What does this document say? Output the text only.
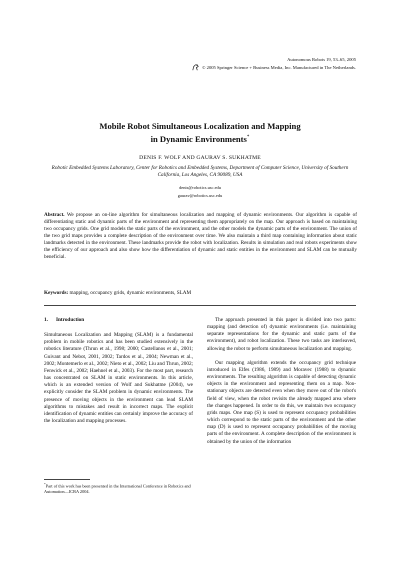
Autonomous Robots 19, 53–65, 2005
© 2005 Springer Science + Business Media, Inc. Manufactured in The Netherlands.
Mobile Robot Simultaneous Localization and Mapping
in Dynamic Environments*
DENIS F. WOLF AND GAURAV S. SUKHATME
Robotic Embedded Systems Laboratory, Center for Robotics and Embedded Systems, Department of Computer Science, University of Southern California, Los Angeles, CA 90089, USA
denis@robotics.usc.edu
gaurav@robotics.usc.edu
Abstract. We propose an on-line algorithm for simultaneous localization and mapping of dynamic environments. Our algorithm is capable of differentiating static and dynamic parts of the environment and representing them appropriately on the map. Our approach is based on maintaining two occupancy grids. One grid models the static parts of the environment, and the other models the dynamic parts of the environment. The union of the two grid maps provides a complete description of the environment over time. We also maintain a third map containing information about static landmarks detected in the environment. These landmarks provide the robot with localization. Results in simulation and real robots experiments show the efficiency of our approach and also show how the differentiation of dynamic and static entities in the environment and SLAM can be mutually beneficial.
Keywords: mapping, occupancy grids, dynamic environments, SLAM
1. Introduction

Simultaneous Localization and Mapping (SLAM) is a fundamental problem in mobile robotics and has been studied extensively in the robotics literature (Thrun et al., 1998; 2000; Castellanos et al., 2001; Guivant and Nebot, 2001, 2002; Tardos et al., 2004; Newman et al., 2002; Montemerlo et al., 2002; Nieto et al., 2002; Liu and Thrun, 2002; Fenwick et al., 2002; Haehnel et al., 2003). For the most part, research has concentrated on SLAM in static environments. In this article, which is an extended version of Wolf and Sukhatme (2004), we explicitly consider the SLAM problem in dynamic environments. The presence of moving objects in the environment can lead SLAM algorithms to mistakes and result in incorrect maps. The explicit identification of dynamic entities can certainly improve the accuracy of the localization and mapping processes.

*Part of this work has been presented in the International Conference in Robotics and Automation—ICRA 2004.

The approach presented in this paper is divided into two parts: mapping (and detection of) dynamic environments (i.e. maintaining separate representations for the dynamic and static parts of the environment), and robot localization. These two tasks are interleaved, allowing the robot to perform simultaneous localization and mapping.

Our mapping algorithm extends the occupancy grid technique introduced in Elfes (1986, 1989) and Moravec (1988) to dynamic environments. The resulting algorithm is capable of detecting dynamic objects in the environment and representing them on a map. Non-stationary objects are detected even when they move out of the robot's field of view, when the robot revisits the already mapped area where the changes happened. In order to do this, we maintain two occupancy grids maps. One map (S) is used to represent occupancy probabilities which correspond to the static parts of the environment and the other map (D) is used to represent occupancy probabilities of the moving parts of the environment. A complete description of the environment is obtained by the union of the information
